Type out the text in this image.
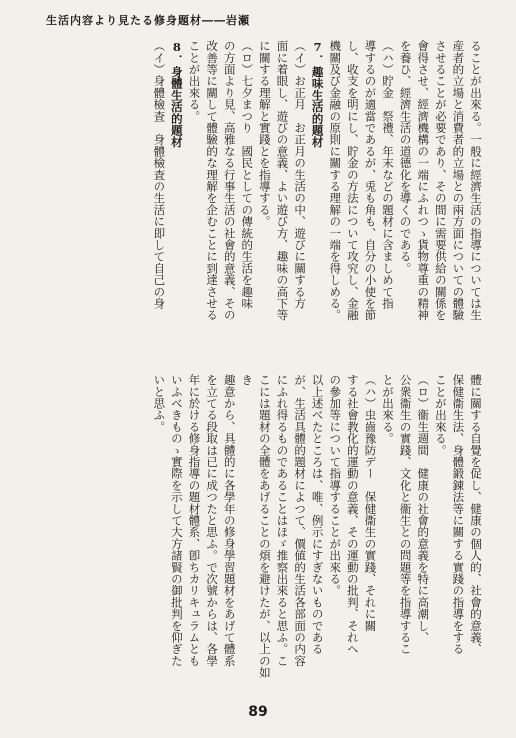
生活内容より見たる修身題材――岩瀬

ることが出來る。一般に經濟生活の指導については生

産者的立場と消費者的立場との兩方面についての體驗

させることが必要であり、その間に需要供給の關係を

會得させ、經濟機構の一端にふれつゝ貨物尊重の精神

を養ひ、經濟生活の道德化を導くのである。

（ハ）貯金　祭禮、年末などの題材に含ましめて指

導するのが適當であるが、兎も角も、自分の小使を節

し、收支を明にし、貯金の方法について攻究し、金融

機關及び金融の原則に關する理解の一端を得しめる。

7．趣味生活的題材

（イ）お正月　お正月の生活の中、遊びに關する方

面に着眼し、遊びの意義、よい遊び方、趣味の高下等

に關する理解と實踐とを指導する。

（ロ）七夕まつり　國民としての傳統的生活を趣味

の方面より見、高雅なる行事生活の社會的意義、その

改善等に關して體驗的な理解を企むことに到達させる

ことが出來る。

8．身體生活的題材

（イ）身體檢査　身體檢査の生活に即して自己の身

體に關する自覺を促し、健康の個人的、社會的意義、

保健衞生法、身體鍛錬法等に關する實踐の指導をする

ことが出來る。

（ロ）衞生週間　健康の社會的意義を特に高潮し、

公衆衞生の實踐、文化と衞生との問題等を指導するこ

とが出來る。

（ハ）虫齒豫防デー　保健衞生の實踐、それに關

する社會教化的運動の意義、その運動の批判、それへ

の參加等について指導することが出來る。

以上述べたところは、唯、例示にすぎないものである

が、生活具體的題材によつて、價値的生活各部面の内容

にふれ得るものであることはほゞ推察出來ると思ふ。こ

こには題材の全體をあげることの煩を避けたが、以上の如き

趣意から、具體的に各學年の修身學習題材をあげて體系

を立てる段取は已に成つたと思ふ。で次號からは、各學

年に於ける修身指導の題材體系、卽ちカリキュラムとも

いふべきものゝ實際を示して大方諸賢の御批判を仰ぎた

いと思ふ。

89
